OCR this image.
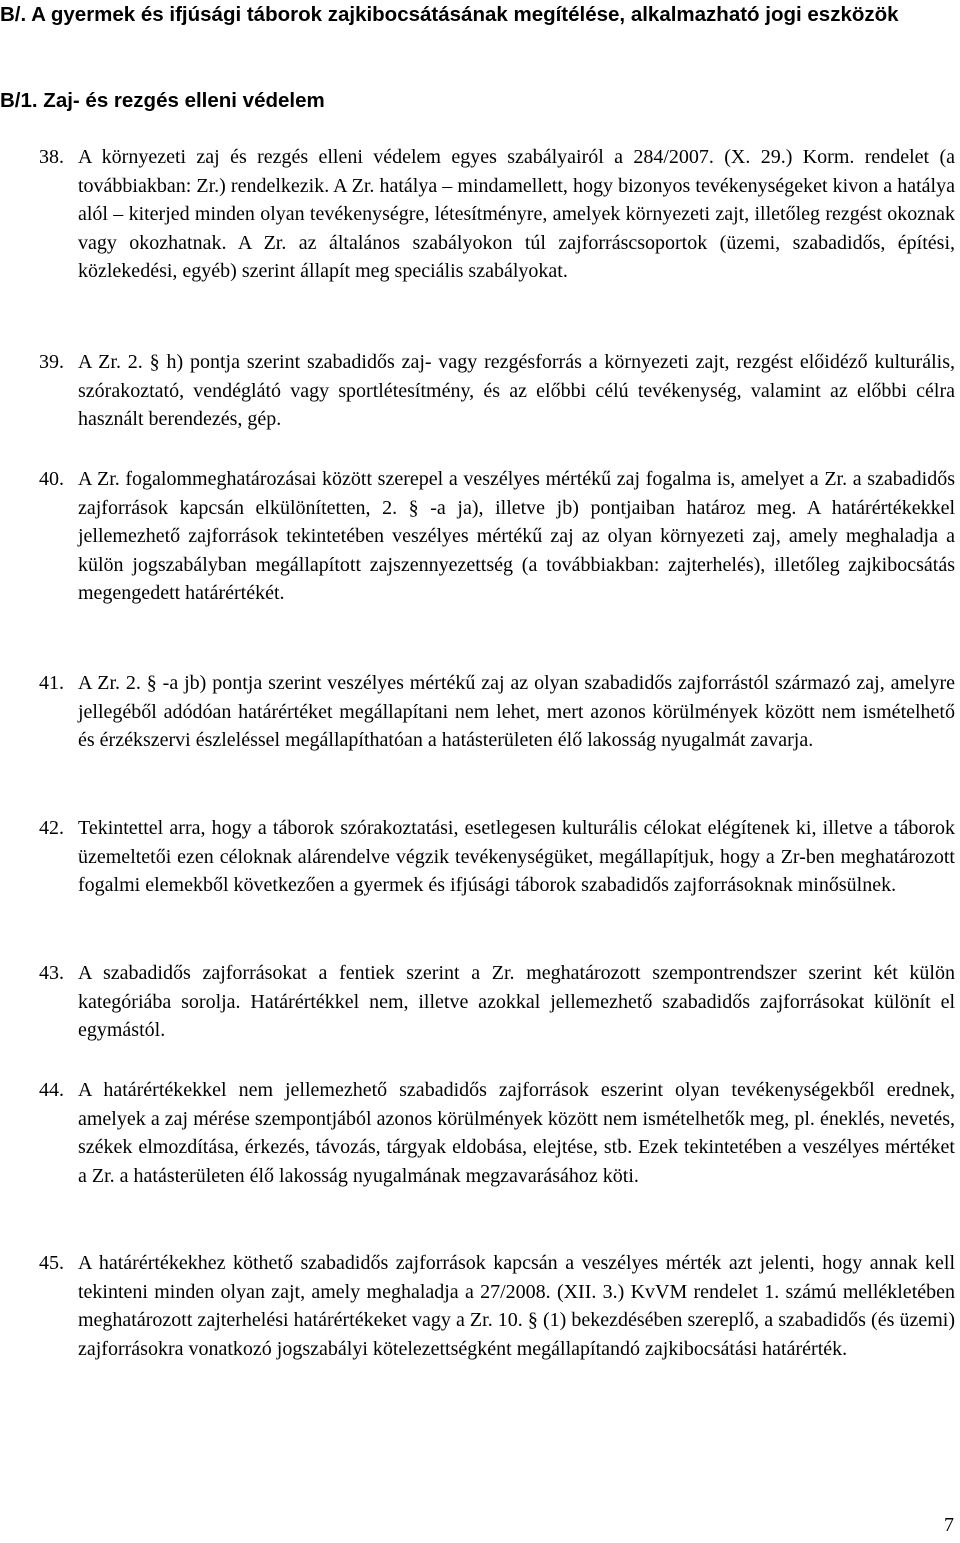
B/. A gyermek és ifjúsági táborok zajkibocsátásának megítélése, alkalmazható jogi eszközök
B/1. Zaj- és rezgés elleni védelem
38. A környezeti zaj és rezgés elleni védelem egyes szabályairól a 284/2007. (X. 29.) Korm. rendelet (a továbbiakban: Zr.) rendelkezik. A Zr. hatálya – mindamellett, hogy bizonyos tevékenységeket kivon a hatálya alól – kiterjed minden olyan tevékenységre, létesítményre, amelyek környezeti zajt, illetőleg rezgést okoznak vagy okozhatnak. A Zr. az általános szabályokon túl zajforráscsoportok (üzemi, szabadidős, építési, közlekedési, egyéb) szerint állapít meg speciális szabályokat.
39. A Zr. 2. § h) pontja szerint szabadidős zaj- vagy rezgésforrás a környezeti zajt, rezgést előidéző kulturális, szórakoztató, vendéglátó vagy sportlétesítmény, és az előbbi célú tevékenység, valamint az előbbi célra használt berendezés, gép.
40. A Zr. fogalommeghatározásai között szerepel a veszélyes mértékű zaj fogalma is, amelyet a Zr. a szabadidős zajforrások kapcsán elkülönítetten, 2. § -a ja), illetve jb) pontjaiban határoz meg. A határértékekkel jellemezhető zajforrások tekintetében veszélyes mértékű zaj az olyan környezeti zaj, amely meghaladja a külön jogszabályban megállapított zajszennyezettség (a továbbiakban: zajterhelés), illetőleg zajkibocsátás megengedett határértékét.
41. A Zr. 2. § -a jb) pontja szerint veszélyes mértékű zaj az olyan szabadidős zajforrástól származó zaj, amelyre jellegéből adódóan határértéket megállapítani nem lehet, mert azonos körülmények között nem ismételhető és érzékszervi észleléssel megállapíthatóan a hatásterületen élő lakosság nyugalmát zavarja.
42. Tekintettel arra, hogy a táborok szórakoztatási, esetlegesen kulturális célokat elégítenek ki, illetve a táborok üzemeltetői ezen céloknak alárendelve végzik tevékenységüket, megállapítjuk, hogy a Zr-ben meghatározott fogalmi elemekből következően a gyermek és ifjúsági táborok szabadidős zajforrásoknak minősülnek.
43. A szabadidős zajforrásokat a fentiek szerint a Zr. meghatározott szempontrendszer szerint két külön kategóriába sorolja. Határértékkel nem, illetve azokkal jellemezhető szabadidős zajforrásokat különít el egymástól.
44. A határértékekkel nem jellemezhető szabadidős zajforrások eszerint olyan tevékenységekből erednek, amelyek a zaj mérése szempontjából azonos körülmények között nem ismételhetők meg, pl. éneklés, nevetés, székek elmozdítása, érkezés, távozás, tárgyak eldobása, elejtése, stb. Ezek tekintetében a veszélyes mértéket a Zr. a hatásterületen élő lakosság nyugalmának megzavarásához köti.
45. A határértékekhez köthető szabadidős zajforrások kapcsán a veszélyes mérték azt jelenti, hogy annak kell tekinteni minden olyan zajt, amely meghaladja a 27/2008. (XII. 3.) KvVM rendelet 1. számú mellékletében meghatározott zajterhelési határértékeket vagy a Zr. 10. § (1) bekezdésében szereplő, a szabadidős (és üzemi) zajforrásokra vonatkozó jogszabályi kötelezettségként megállapítandó zajkibocsátási határérték.
7
